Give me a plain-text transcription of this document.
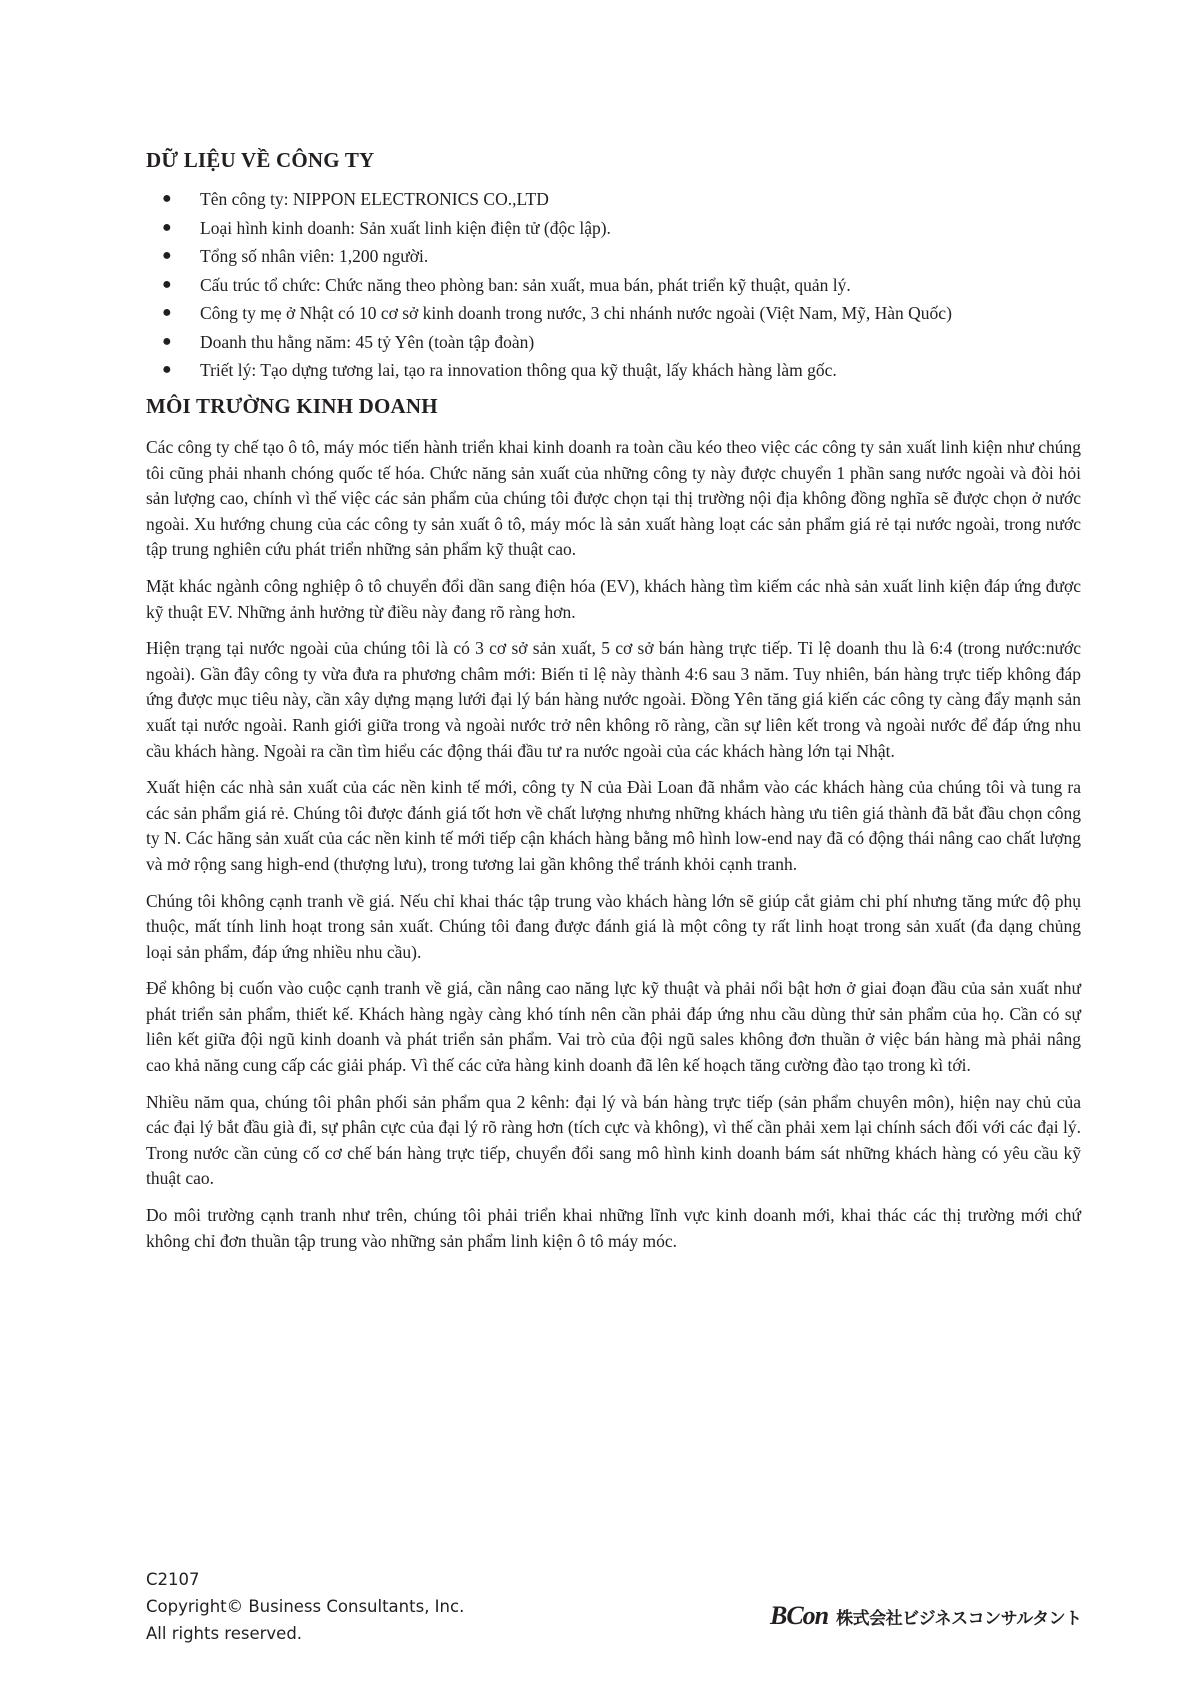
DỮ LIỆU VỀ CÔNG TY
● Tên công ty: NIPPON ELECTRONICS CO.,LTD
● Loại hình kinh doanh: Sản xuất linh kiện điện tử (độc lập).
● Tổng số nhân viên: 1,200 người.
● Cấu trúc tổ chức: Chức năng theo phòng ban: sản xuất, mua bán, phát triển kỹ thuật, quản lý.
● Công ty mẹ ở Nhật có 10 cơ sở kinh doanh trong nước, 3 chi nhánh nước ngoài (Việt Nam, Mỹ, Hàn Quốc)
● Doanh thu hằng năm: 45 tỷ Yên (toàn tập đoàn)
● Triết lý: Tạo dựng tương lai, tạo ra innovation thông qua kỹ thuật, lấy khách hàng làm gốc.
MÔI TRƯỜNG KINH DOANH

Các công ty chế tạo ô tô, máy móc tiến hành triển khai kinh doanh ra toàn cầu kéo theo việc các công ty sản xuất linh kiện như chúng tôi cũng phải nhanh chóng quốc tế hóa. Chức năng sản xuất của những công ty này được chuyển 1 phần sang nước ngoài và đòi hỏi sản lượng cao, chính vì thế việc các sản phẩm của chúng tôi được chọn tại thị trường nội địa không đồng nghĩa sẽ được chọn ở nước ngoài. Xu hướng chung của các công ty sản xuất ô tô, máy móc là sản xuất hàng loạt các sản phẩm giá rẻ tại nước ngoài, trong nước tập trung nghiên cứu phát triển những sản phẩm kỹ thuật cao.

Mặt khác ngành công nghiệp ô tô chuyển đổi dần sang điện hóa (EV), khách hàng tìm kiếm các nhà sản xuất linh kiện đáp ứng được kỹ thuật EV. Những ảnh hưởng từ điều này đang rõ ràng hơn.

Hiện trạng tại nước ngoài của chúng tôi là có 3 cơ sở sản xuất, 5 cơ sở bán hàng trực tiếp. Tỉ lệ doanh thu là 6:4 (trong nước:nước ngoài). Gần đây công ty vừa đưa ra phương châm mới: Biến tỉ lệ này thành 4:6 sau 3 năm. Tuy nhiên, bán hàng trực tiếp không đáp ứng được mục tiêu này, cần xây dựng mạng lưới đại lý bán hàng nước ngoài. Đồng Yên tăng giá kiến các công ty càng đẩy mạnh sản xuất tại nước ngoài. Ranh giới giữa trong và ngoài nước trở nên không rõ ràng, cần sự liên kết trong và ngoài nước để đáp ứng nhu cầu khách hàng. Ngoài ra cần tìm hiểu các động thái đầu tư ra nước ngoài của các khách hàng lớn tại Nhật.

Xuất hiện các nhà sản xuất của các nền kinh tế mới, công ty N của Đài Loan đã nhắm vào các khách hàng của chúng tôi và tung ra các sản phẩm giá rẻ. Chúng tôi được đánh giá tốt hơn về chất lượng nhưng những khách hàng ưu tiên giá thành đã bắt đầu chọn công ty N. Các hãng sản xuất của các nền kinh tế mới tiếp cận khách hàng bằng mô hình low-end nay đã có động thái nâng cao chất lượng và mở rộng sang high-end (thượng lưu), trong tương lai gần không thể tránh khỏi cạnh tranh.

Chúng tôi không cạnh tranh về giá. Nếu chỉ khai thác tập trung vào khách hàng lớn sẽ giúp cắt giảm chi phí nhưng tăng mức độ phụ thuộc, mất tính linh hoạt trong sản xuất. Chúng tôi đang được đánh giá là một công ty rất linh hoạt trong sản xuất (đa dạng chủng loại sản phẩm, đáp ứng nhiều nhu cầu).

Để không bị cuốn vào cuộc cạnh tranh về giá, cần nâng cao năng lực kỹ thuật và phải nổi bật hơn ở giai đoạn đầu của sản xuất như phát triển sản phẩm, thiết kế. Khách hàng ngày càng khó tính nên cần phải đáp ứng nhu cầu dùng thử sản phẩm của họ. Cần có sự liên kết giữa đội ngũ kinh doanh và phát triển sản phẩm. Vai trò của đội ngũ sales không đơn thuần ở việc bán hàng mà phải nâng cao khả năng cung cấp các giải pháp. Vì thế các cửa hàng kinh doanh đã lên kế hoạch tăng cường đào tạo trong kì tới.

Nhiều năm qua, chúng tôi phân phối sản phẩm qua 2 kênh: đại lý và bán hàng trực tiếp (sản phẩm chuyên môn), hiện nay chủ của các đại lý bắt đầu già đi, sự phân cực của đại lý rõ ràng hơn (tích cực và không), vì thế cần phải xem lại chính sách đối với các đại lý. Trong nước cần củng cố cơ chế bán hàng trực tiếp, chuyển đổi sang mô hình kinh doanh bám sát những khách hàng có yêu cầu kỹ thuật cao.

Do môi trường cạnh tranh như trên, chúng tôi phải triển khai những lĩnh vực kinh doanh mới, khai thác các thị trường mới chứ không chỉ đơn thuần tập trung vào những sản phẩm linh kiện ô tô máy móc.

C2107
Copyright© Business Consultants, Inc.
All rights reserved.
BCon 株式会社ビジネスコンサルタント
